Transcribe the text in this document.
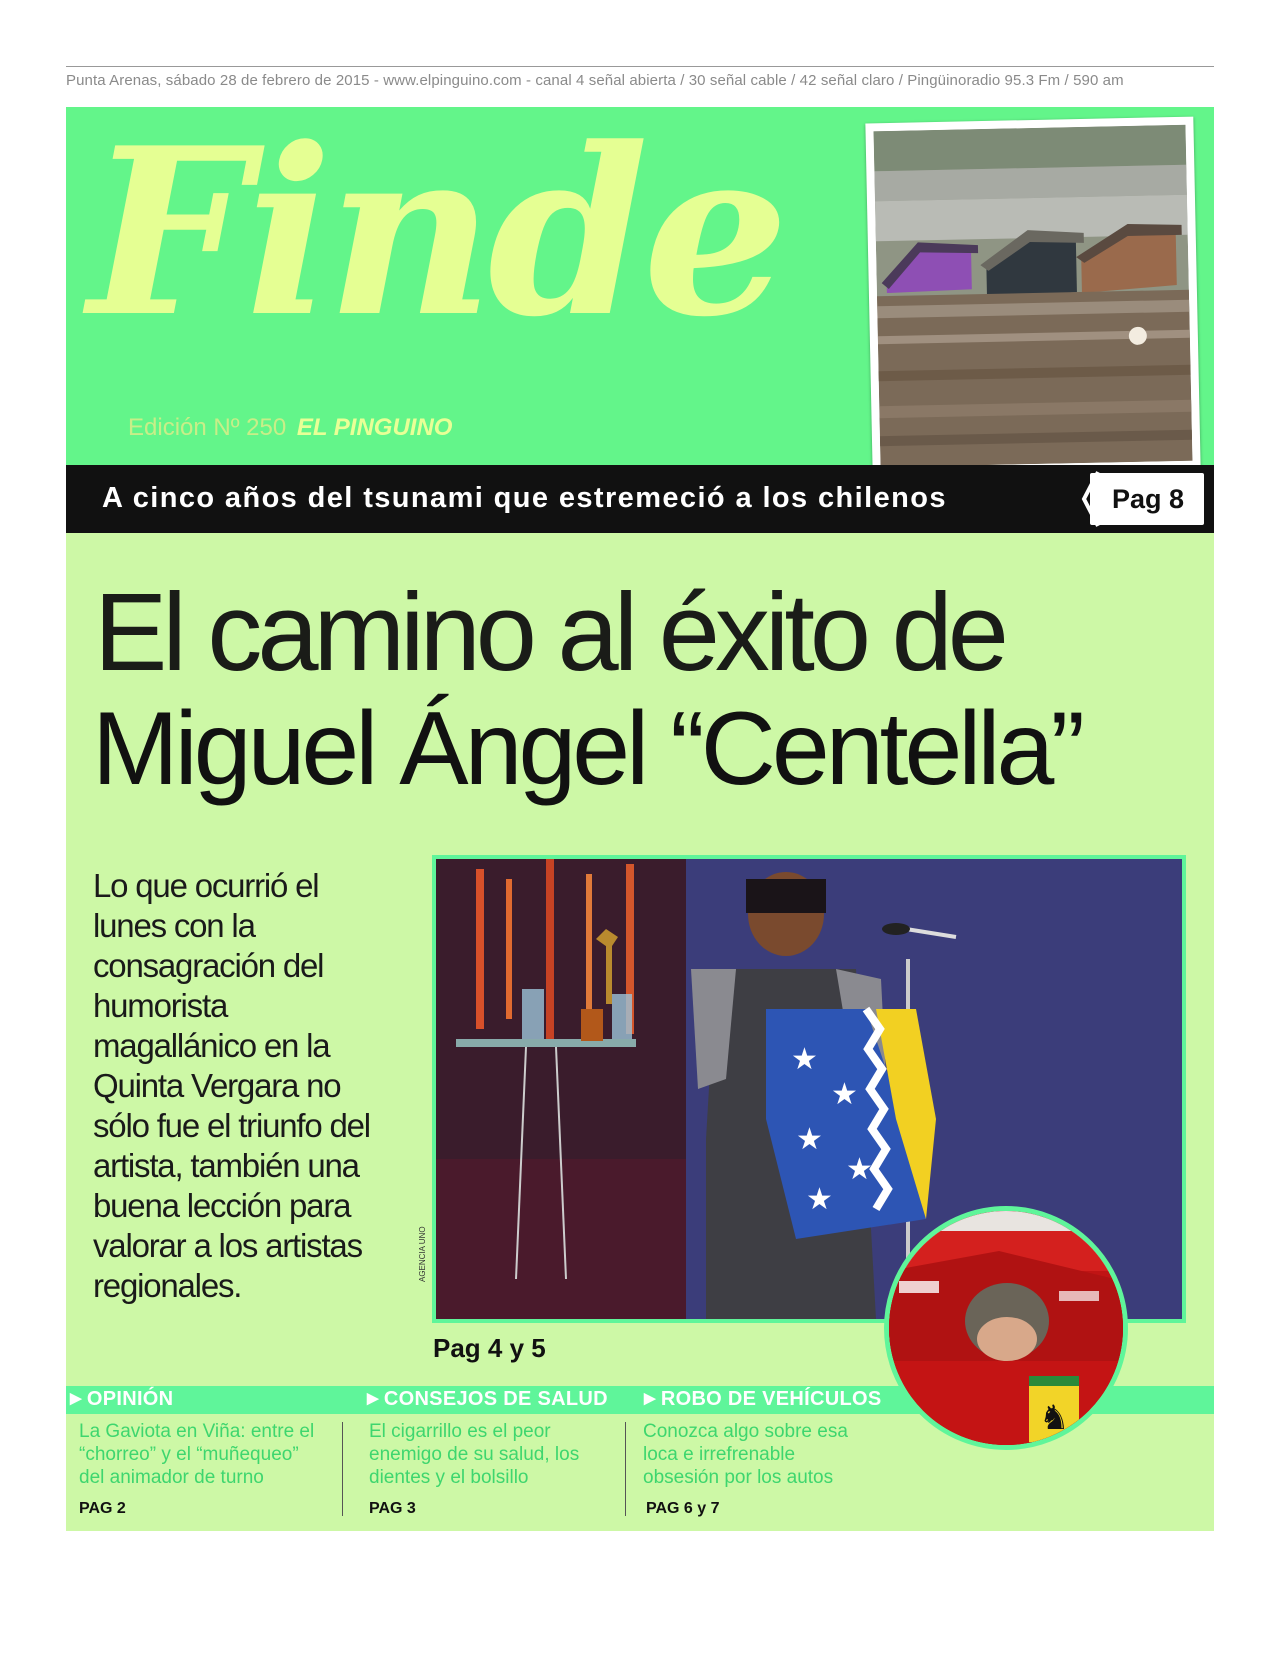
Punta Arenas, sábado 28 de febrero de 2015 - www.elpinguino.com - canal 4 señal abierta / 30 señal cable / 42 señal claro / Pingüinoradio 95.3 Fm / 590 am
Finde
Edición Nº 250 EL PINGUINO
A cinco años del tsunami que estremeció a los chilenos	Pag 8
El camino al éxito de
Miguel Ángel “Centella”
Lo que ocurrió el lunes con la consagración del humorista magallánico en la Quinta Vergara no sólo fue el triunfo del artista, también una buena lección para valorar a los artistas regionales.
★
★
★
★
★
AGENCIA UNO
Pag 4 y 5
▶ OPINIÓN
La Gaviota en Viña: entre el “chorreo” y el “muñequeo” del animador de turno
PAG 2
▶ CONSEJOS DE SALUD
El cigarrillo es el peor enemigo de su salud, los dientes y el bolsillo
PAG 3
▶ ROBO DE VEHÍCULOS
Conozca algo sobre esa loca e irrefrenable obsesión por los autos
PAG 6 y 7
♞
